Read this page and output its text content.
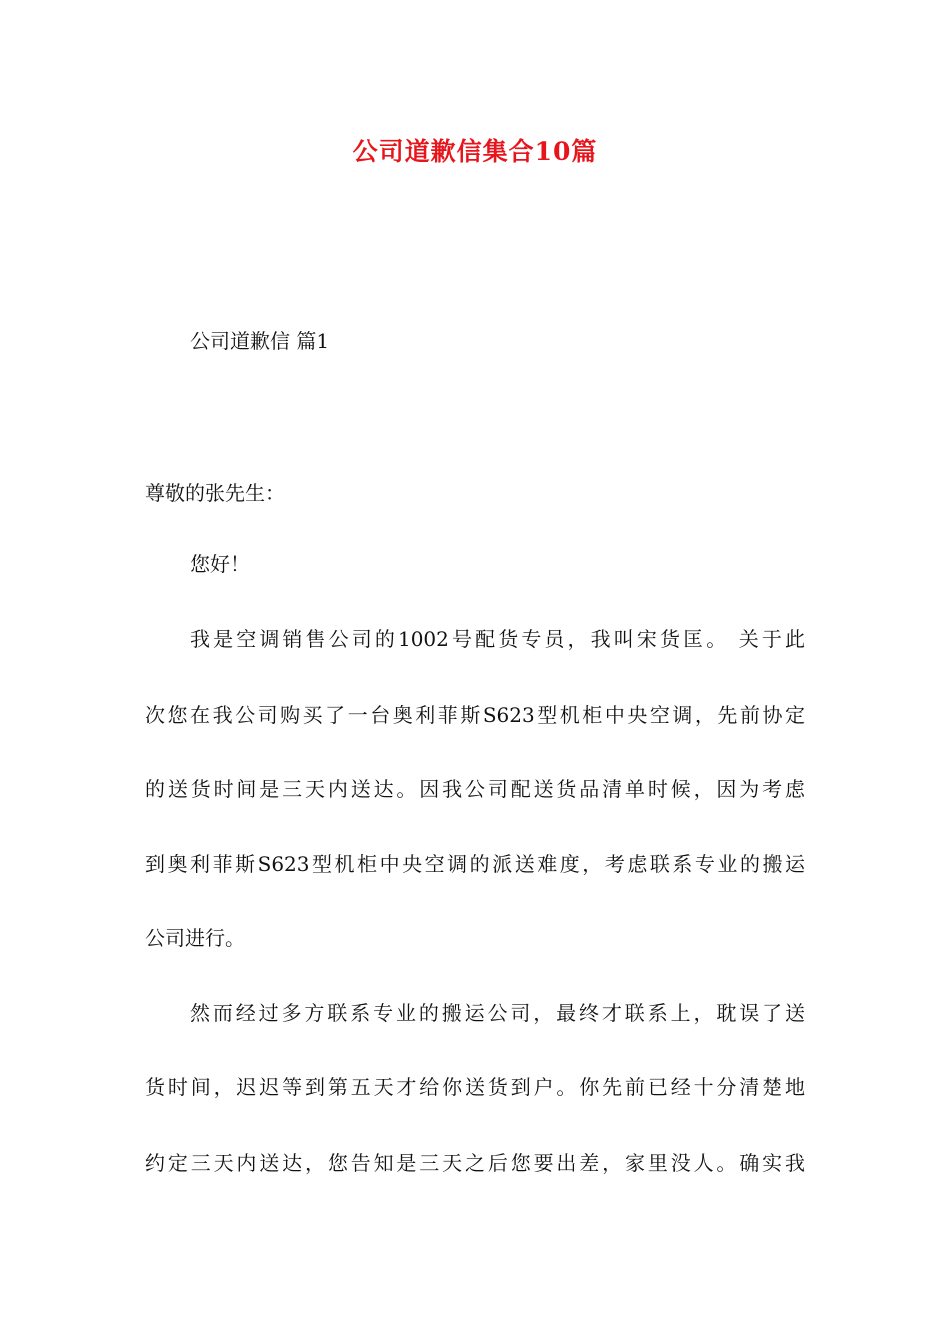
公司道歉信集合10篇
公司道歉信 篇1
尊敬的张先生：
您好！
我是空调销售公司的1002号配货专员，我叫宋货匡。 关于此
次您在我公司购买了一台奥利菲斯S623型机柜中央空调，先前协定
的送货时间是三天内送达。因我公司配送货品清单时候，因为考虑
到奥利菲斯S623型机柜中央空调的派送难度，考虑联系专业的搬运
公司进行。
然而经过多方联系专业的搬运公司，最终才联系上，耽误了送
货时间，迟迟等到第五天才给你送货到户。你先前已经十分清楚地
约定三天内送达，您告知是三天之后您要出差，家里没人。确实我
